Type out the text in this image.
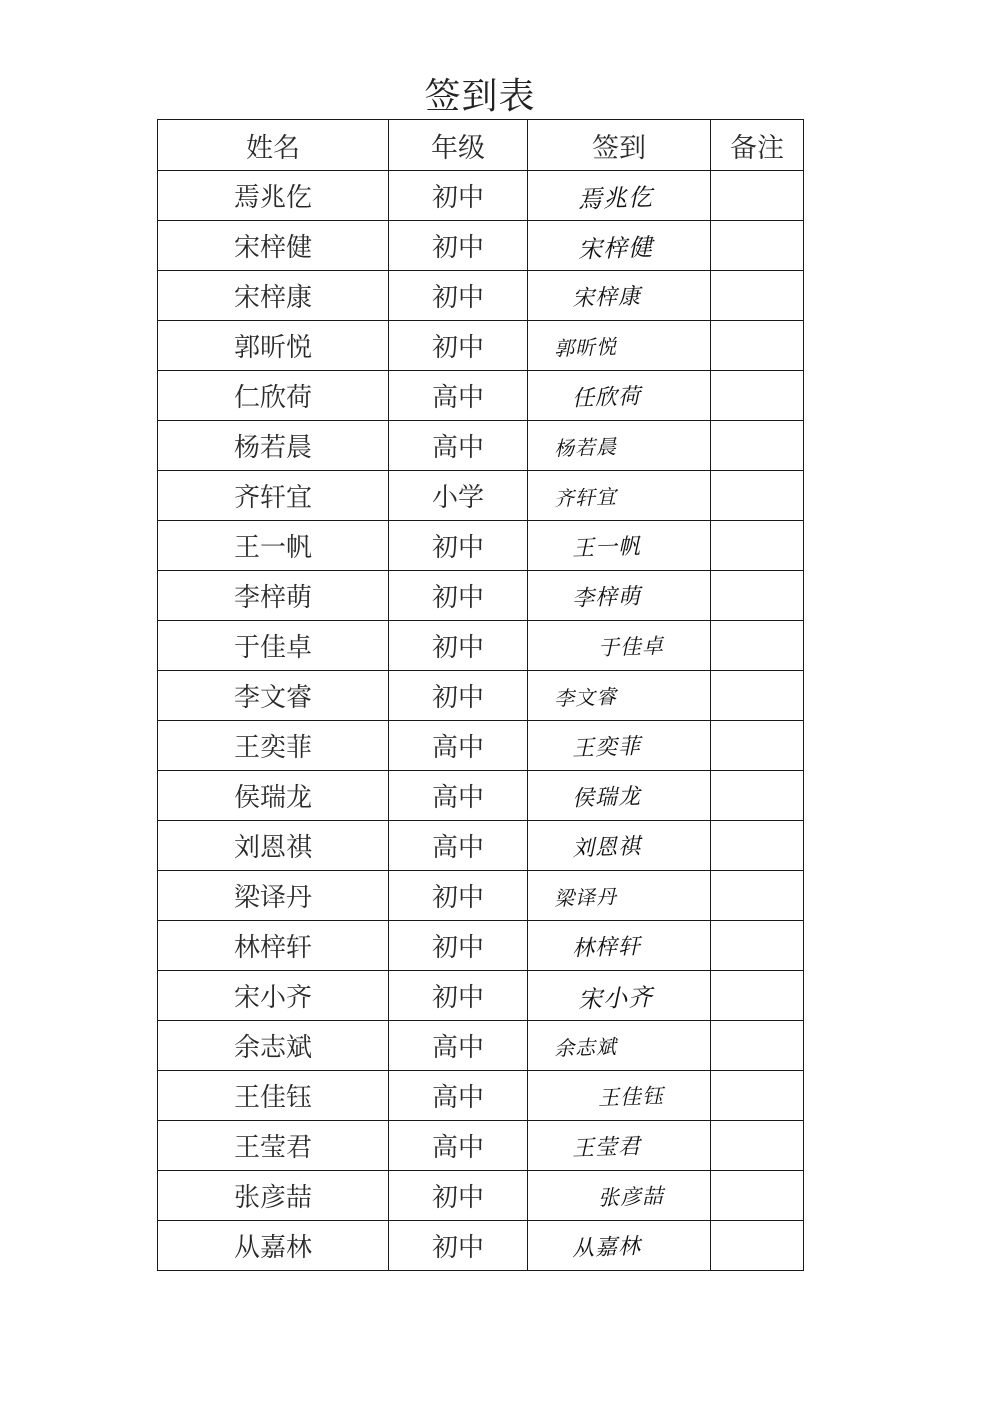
签到表
姓名	年级	签到	备注
焉兆仡	初中	焉兆仡	

宋梓健	初中	宋梓健	

宋梓康	初中	宋梓康	

郭昕悦	初中	郭昕悦	

仁欣荷	高中	任欣荷	

杨若晨	高中	杨若晨	

齐轩宜	小学	齐轩宜	

王一帆	初中	王一帆	

李梓萌	初中	李梓萌	

于佳卓	初中	于佳卓	

李文睿	初中	李文睿	

王奕菲	高中	王奕菲	

侯瑞龙	高中	侯瑞龙	

刘恩祺	高中	刘恩祺	

梁译丹	初中	梁译丹	

林梓轩	初中	林梓轩	

宋小齐	初中	宋小齐	

余志斌	高中	余志斌	

王佳钰	高中	王佳钰	

王莹君	高中	王莹君	

张彦喆	初中	张彦喆	

从嘉林	初中	从嘉林	
